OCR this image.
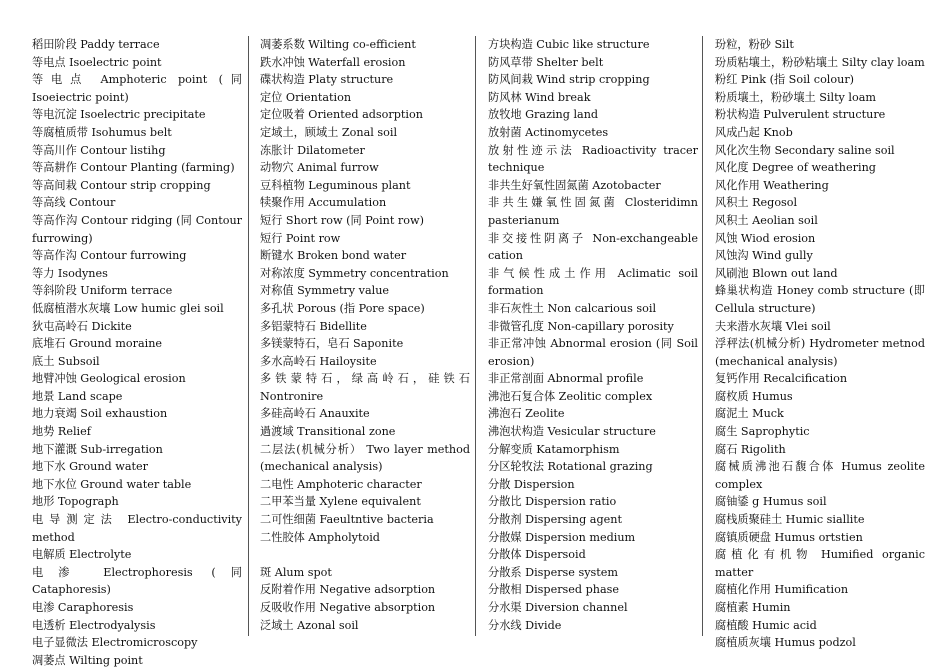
稻田阶段 Paddy terrace
等电点 Isoelectric point
等电点 Amphoteric point (同 Isoeiectric point)
等电沉淀 Isoelectric precipitate
等腐植质带 Isohumus belt
等高川作 Contour listihg
等高耕作 Contour Planting (farming)
等高间栽 Contour strip cropping
等高线 Contour
等高作沟 Contour ridging (同 Contour furrowing)
等高作沟 Contour furrowing
等力 Isodynes
等斜阶段 Uniform terrace
低腐植潜水灰壤 Low humic glei soil
狄屯高岭石 Dickite
底堆石 Ground moraine
底土 Subsoil
地臂冲蚀 Geological erosion
地景 Land scape
地力衰竭 Soil exhaustion
地势 Relief
地下灌溉 Sub-irregation
地下水 Ground water
地下水位 Ground water table
地形 Topograph
电导测定法 Electro-conductivity method
电解质 Electrolyte
电渗 Electrophoresis (同 Cataphoresis)
电渗 Caraphoresis
电透析 Electrodyalysis
电子显微法 Electromicroscopy
凋萎点 Wilting point
凋萎系数 Wilting co-efficient
跌水冲蚀 Waterfall erosion
碟状构造 Platy structure
定位 Orientation
定位吸着 Oriented adsorption
定域土，顾域土 Zonal soil
冻胀计 Dilatometer
动物穴 Animal furrow
豆科植物 Leguminous plant
犊聚作用 Accumulation
短行 Short row (同 Point row)
短行 Point row
断键水 Broken bond water
对称浓度 Symmetry concentration
对称值 Symmetry value
多孔状 Porous (指 Pore space)
多铝蒙特石 Bidellite
多镁蒙特石，皂石 Saponite
多水高岭石 Hailoysite
多铁蒙特石，绿高岭石，硅铁石 Nontronire
多硅高岭石 Anauxite
過渡域 Transitional zone
二层法(机械分析） Two layer method (mechanical analysis)
二电性 Amphoteric character
二甲苯当量 Xylene equivalent
二可性细菌 Faeultntive bacteria
二性胶体 Ampholytoid
斑 Alum spot
反附着作用 Negative adsorption
反吸收作用 Negative absorption
泛域土 Azonal soil
方块构造 Cubic like structure
防风草带 Shelter belt
防风间栽 Wind strip cropping
防风林 Wind break
放牧地 Grazing land
放射菌 Actinomycetes
放射性迹示法 Radioactivity tracer technique
非共生好氧性固氮菌 Azotobacter
非共生嫌氧性固氮菌 Closteridimn pasterianum
非交接性阴离子 Non-exchangeable cation
非气候性成土作用 Aclimatic soil formation
非石灰性土 Non calcarious soil
非微管孔度 Non-capillary porosity
非正常冲蚀 Abnormal erosion (同 Soil erosion)
非正常剖面 Abnormal profile
沸池石复合体 Zeolitic complex
沸泡石 Zeolite
沸泡状构造 Vesicular structure
分解变质 Katamorphism
分区轮牧法 Rotational grazing
分散 Dispersion
分散比 Dispersion ratio
分散剂 Dispersing agent
分散媒 Dispersion medium
分散体 Dispersoid
分散系 Disperse system
分散相 Dispersed phase
分水渠 Diversion channel
分水线 Divide
玢粒，粉砂 Silt
玢质粘壤土，粉砂粘壤土 Silty clay loam
粉红 Pink (指 Soil colour)
粉质壤土，粉砂壤土 Silty loam
粉状构造 Pulverulent structure
风成凸起 Knob
风化次生物 Secondary saline soil
风化度 Degree of weathering
风化作用 Weathering
风积土 Regosol
风积土 Aeolian soil
风蚀 Wiod erosion
风蚀沟 Wind gully
风刷池 Blown out land
蜂巢状构造 Honey comb structure (即 Cellula structure)
夫来潜水灰壤 Vlei soil
浮秤法(机械分析) Hydrometer metnod (mechanical analysis)
复钙作用 Recalcification
腐枚质 Humus
腐泥土 Muck
腐生 Saprophytic
腐石 Rigolith
腐械质沸池石馥合体 Humus zeolite complex
腐铀鋈 g Humus soil
腐栈质聚硅土 Humic siallite
腐镇质硬盘 Humus ortstien
腐植化有机物 Humified organic matter
腐植化作用 Humification
腐植素 Humin
腐植酸 Humic acid
腐植质灰壤 Humus podzol
